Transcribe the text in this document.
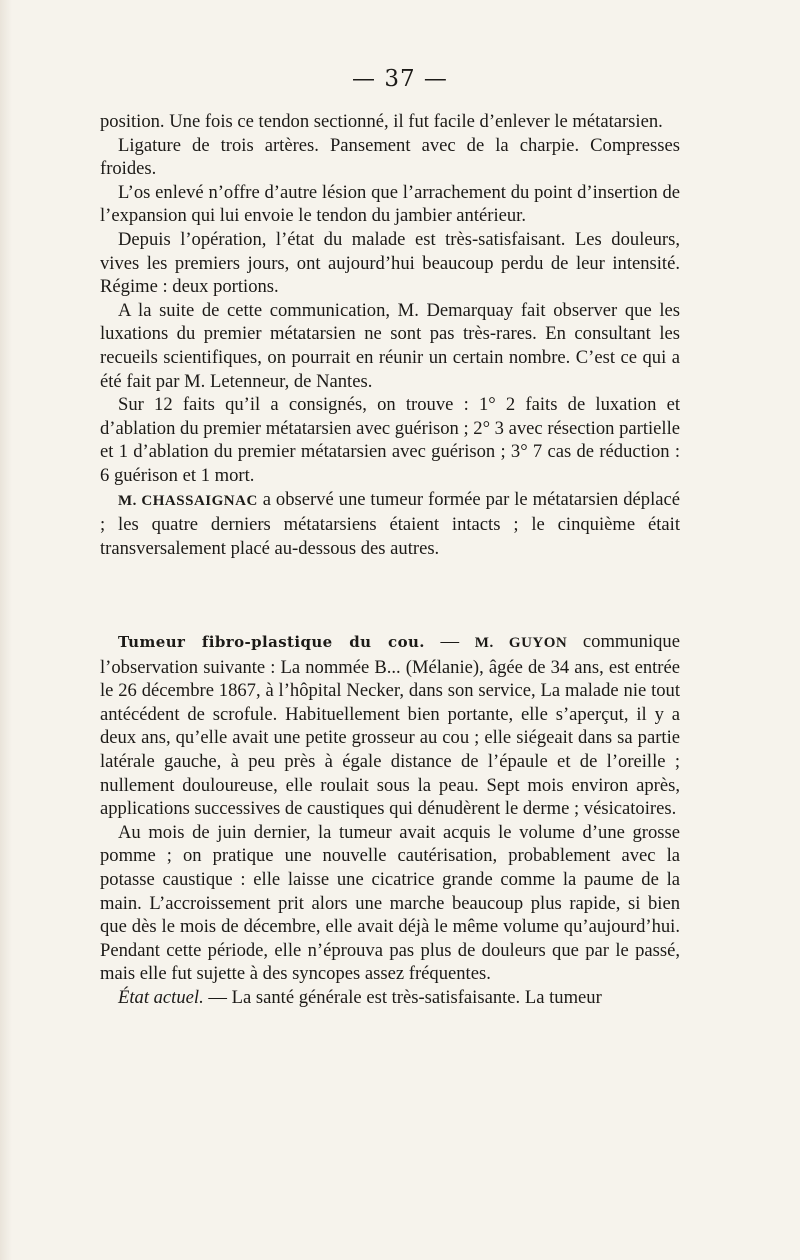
— 37 —

position. Une fois ce tendon sectionné, il fut facile d’enlever le métatarsien.

Ligature de trois artères. Pansement avec de la charpie. Compresses froides.

L’os enlevé n’offre d’autre lésion que l’arrachement du point d’insertion de l’expansion qui lui envoie le tendon du jambier antérieur.

Depuis l’opération, l’état du malade est très-satisfaisant. Les douleurs, vives les premiers jours, ont aujourd’hui beaucoup perdu de leur intensité. Régime : deux portions.

A la suite de cette communication, M. Demarquay fait observer que les luxations du premier métatarsien ne sont pas très-rares. En consultant les recueils scientifiques, on pourrait en réunir un certain nombre. C’est ce qui a été fait par M. Letenneur, de Nantes.

Sur 12 faits qu’il a consignés, on trouve : 1° 2 faits de luxation et d’ablation du premier métatarsien avec guérison ; 2° 3 avec résection partielle et 1 d’ablation du premier métatarsien avec guérison ; 3° 7 cas de réduction : 6 guérison et 1 mort.

M. CHASSAIGNAC a observé une tumeur formée par le métatarsien déplacé ; les quatre derniers métatarsiens étaient intacts ; le cinquième était transversalement placé au-dessous des autres.

Tumeur fibro-plastique du cou. — M. GUYON communique l’observation suivante : La nommée B... (Mélanie), âgée de 34 ans, est entrée le 26 décembre 1867, à l’hôpital Necker, dans son service, La malade nie tout antécédent de scrofule. Habituellement bien portante, elle s’aperçut, il y a deux ans, qu’elle avait une petite grosseur au cou ; elle siégeait dans sa partie latérale gauche, à peu près à égale distance de l’épaule et de l’oreille ; nullement douloureuse, elle roulait sous la peau. Sept mois environ après, applications successives de caustiques qui dénudèrent le derme ; vésicatoires.

Au mois de juin dernier, la tumeur avait acquis le volume d’une grosse pomme ; on pratique une nouvelle cautérisation, probablement avec la potasse caustique : elle laisse une cicatrice grande comme la paume de la main. L’accroissement prit alors une marche beaucoup plus rapide, si bien que dès le mois de décembre, elle avait déjà le même volume qu’aujourd’hui. Pendant cette période, elle n’éprouva pas plus de douleurs que par le passé, mais elle fut sujette à des syncopes assez fréquentes.

État actuel. — La santé générale est très-satisfaisante. La tumeur
